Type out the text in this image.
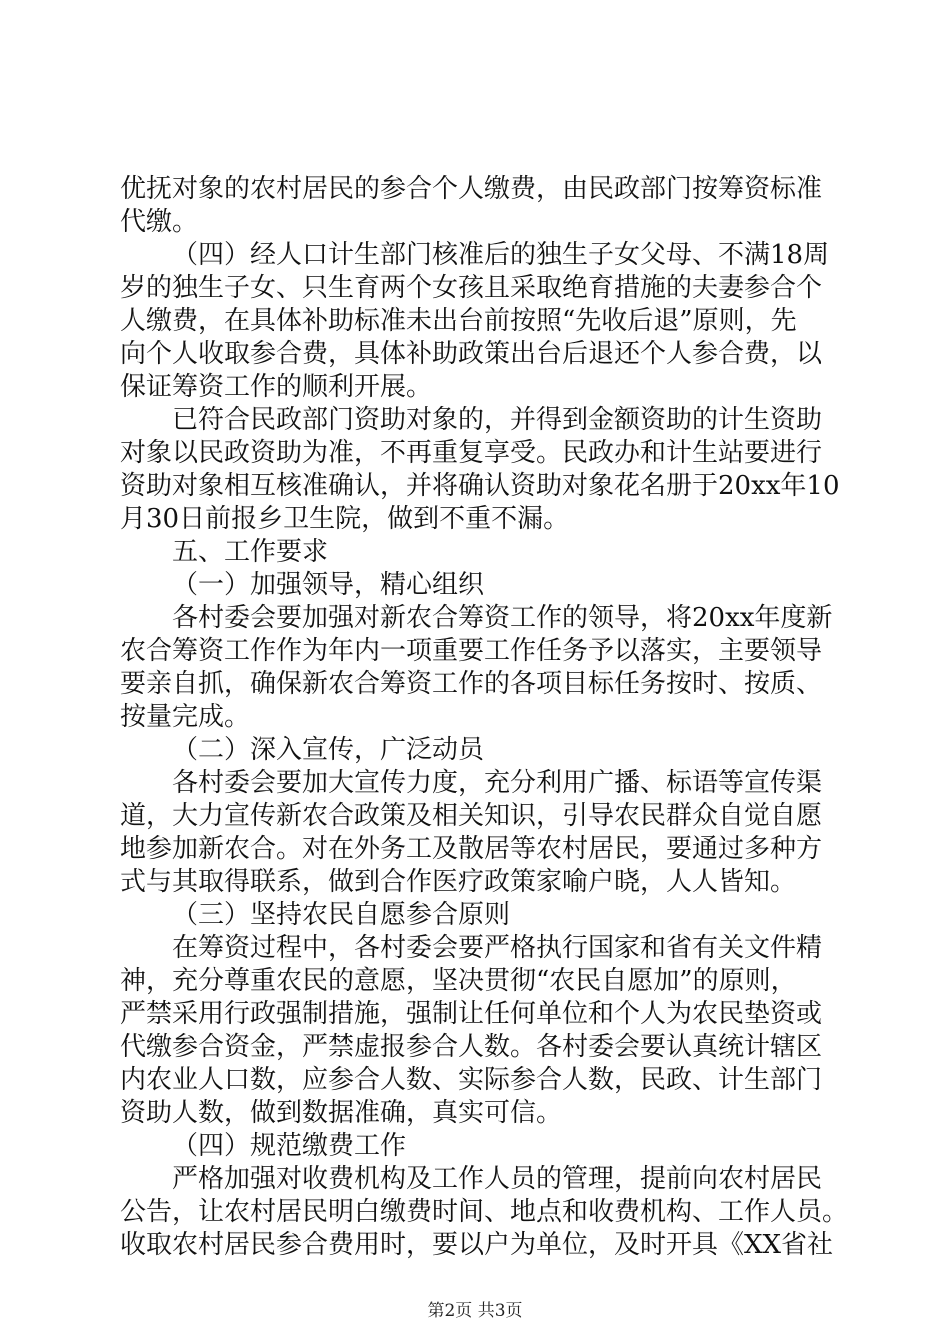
优抚对象的农村居民的参合个人缴费，由民政部门按筹资标准
代缴。
（四）经人口计生部门核准后的独生子女父母、不满18周
岁的独生子女、只生育两个女孩且采取绝育措施的夫妻参合个
人缴费，在具体补助标准未出台前按照“先收后退”原则，先
向个人收取参合费，具体补助政策出台后退还个人参合费，以
保证筹资工作的顺利开展。
已符合民政部门资助对象的，并得到金额资助的计生资助
对象以民政资助为准，不再重复享受。民政办和计生站要进行
资助对象相互核准确认，并将确认资助对象花名册于20xx年10
月30日前报乡卫生院，做到不重不漏。
五、工作要求
（一）加强领导，精心组织
各村委会要加强对新农合筹资工作的领导，将20xx年度新
农合筹资工作作为年内一项重要工作任务予以落实，主要领导
要亲自抓，确保新农合筹资工作的各项目标任务按时、按质、
按量完成。
（二）深入宣传，广泛动员
各村委会要加大宣传力度，充分利用广播、标语等宣传渠
道，大力宣传新农合政策及相关知识，引导农民群众自觉自愿
地参加新农合。对在外务工及散居等农村居民，要通过多种方
式与其取得联系，做到合作医疗政策家喻户晓，人人皆知。
（三）坚持农民自愿参合原则
在筹资过程中，各村委会要严格执行国家和省有关文件精
神，充分尊重农民的意愿，坚决贯彻“农民自愿加”的原则，
严禁采用行政强制措施，强制让任何单位和个人为农民垫资或
代缴参合资金，严禁虚报参合人数。各村委会要认真统计辖区
内农业人口数，应参合人数、实际参合人数，民政、计生部门
资助人数，做到数据准确，真实可信。
（四）规范缴费工作
严格加强对收费机构及工作人员的管理，提前向农村居民
公告，让农村居民明白缴费时间、地点和收费机构、工作人员。
收取农村居民参合费用时，要以户为单位，及时开具《XX省社
第2页 共3页
